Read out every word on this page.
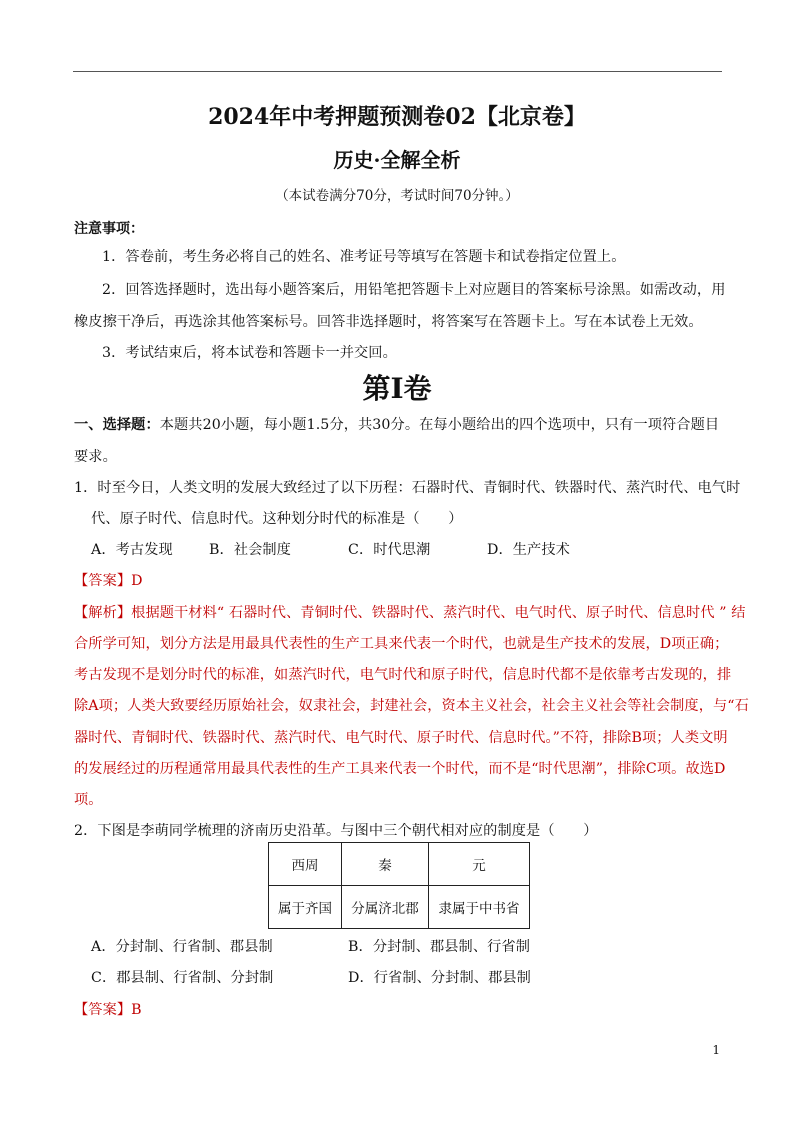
2024年中考押题预测卷02【北京卷】
历史·全解全析
（本试卷满分70分，考试时间70分钟。）
注意事项：
1．答卷前，考生务必将自己的姓名、准考证号等填写在答题卡和试卷指定位置上。
2．回答选择题时，选出每小题答案后，用铅笔把答题卡上对应题目的答案标号涂黑。如需改动，用
橡皮擦干净后，再选涂其他答案标号。回答非选择题时，将答案写在答题卡上。写在本试卷上无效。
3．考试结束后，将本试卷和答题卡一并交回。
第I卷
一、选择题：本题共20小题，每小题1.5分，共30分。在每小题给出的四个选项中，只有一项符合题目
要求。
1．时至今日，人类文明的发展大致经过了以下历程：石器时代、青铜时代、铁器时代、蒸汽时代、电气时
代、原子时代、信息时代。这种划分时代的标准是（　　）
A．考古发现	B．社会制度	C．时代思潮	D．生产技术
【答案】D
【解析】根据题干材料“ 石器时代、青铜时代、铁器时代、蒸汽时代、电气时代、原子时代、信息时代 ” 结
合所学可知，划分方法是用最具代表性的生产工具来代表一个时代，也就是生产技术的发展，D项正确；
考古发现不是划分时代的标准，如蒸汽时代，电气时代和原子时代，信息时代都不是依靠考古发现的，排
除A项；人类大致要经历原始社会，奴隶社会，封建社会，资本主义社会，社会主义社会等社会制度，与“石
器时代、青铜时代、铁器时代、蒸汽时代、电气时代、原子时代、信息时代。”不符，排除B项；人类文明
的发展经过的历程通常用最具代表性的生产工具来代表一个时代，而不是“时代思潮”，排除C项。故选D
项。
2．下图是李萌同学梳理的济南历史沿革。与图中三个朝代相对应的制度是（　　）
西周	秦	元
属于齐国	分属济北郡	隶属于中书省
A．分封制、行省制、郡县制	B．分封制、郡县制、行省制
C．郡县制、行省制、分封制	D．行省制、分封制、郡县制
【答案】B
1
